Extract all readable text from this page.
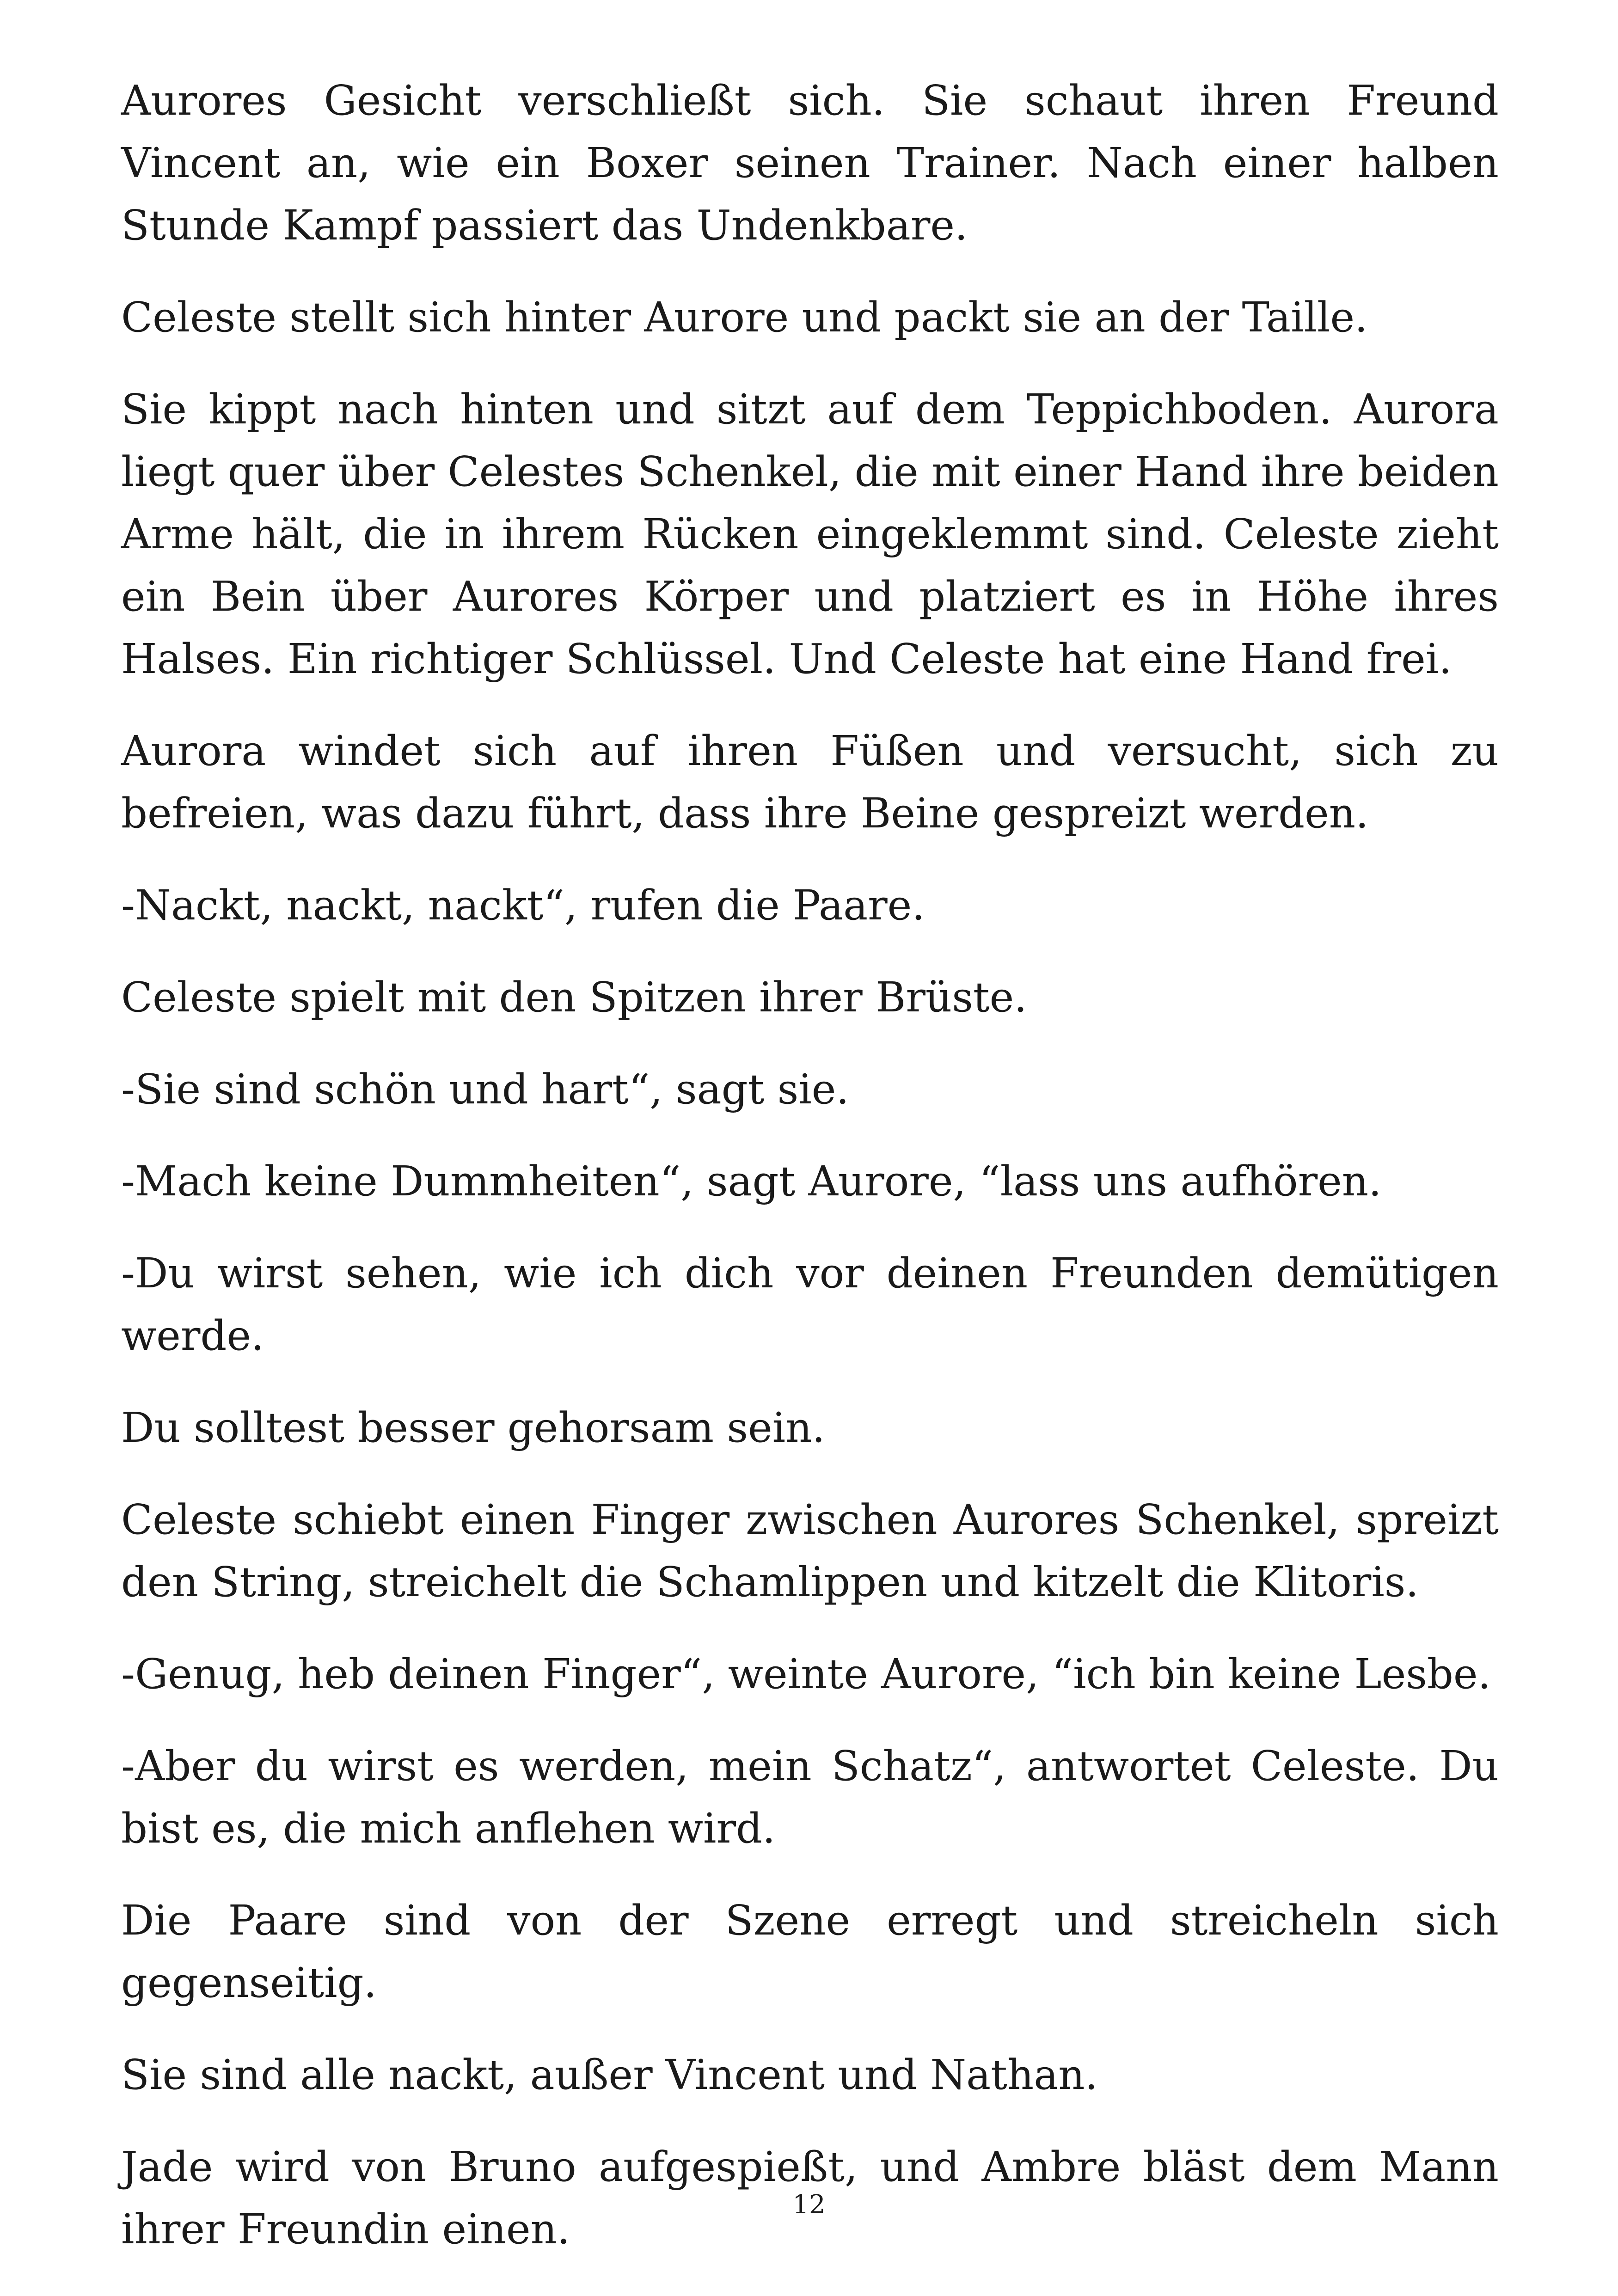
Aurores Gesicht verschließt sich. Sie schaut ihren Freund Vincent an, wie ein Boxer seinen Trainer. Nach einer halben Stunde Kampf passiert das Undenkbare.

Celeste stellt sich hinter Aurore und packt sie an der Taille.

Sie kippt nach hinten und sitzt auf dem Teppichboden. Aurora liegt quer über Celestes Schenkel, die mit einer Hand ihre beiden Arme hält, die in ihrem Rücken eingeklemmt sind. Celeste zieht ein Bein über Aurores Körper und platziert es in Höhe ihres Halses. Ein richtiger Schlüssel. Und Celeste hat eine Hand frei.

Aurora windet sich auf ihren Füßen und versucht, sich zu befreien, was dazu führt, dass ihre Beine gespreizt werden.

-Nackt, nackt, nackt“, rufen die Paare.

Celeste spielt mit den Spitzen ihrer Brüste.

-Sie sind schön und hart“, sagt sie.

-Mach keine Dummheiten“, sagt Aurore, “lass uns aufhören.

-Du wirst sehen, wie ich dich vor deinen Freunden demütigen werde.

Du solltest besser gehorsam sein.

Celeste schiebt einen Finger zwischen Aurores Schenkel, spreizt den String, streichelt die Schamlippen und kitzelt die Klitoris.

-Genug, heb deinen Finger“, weinte Aurore, “ich bin keine Lesbe.

-Aber du wirst es werden, mein Schatz“, antwortet Celeste. Du bist es, die mich anflehen wird.

Die Paare sind von der Szene erregt und streicheln sich gegenseitig.

Sie sind alle nackt, außer Vincent und Nathan.

Jade wird von Bruno aufgespießt, und Ambre bläst dem Mann ihrer Freundin einen.

12
